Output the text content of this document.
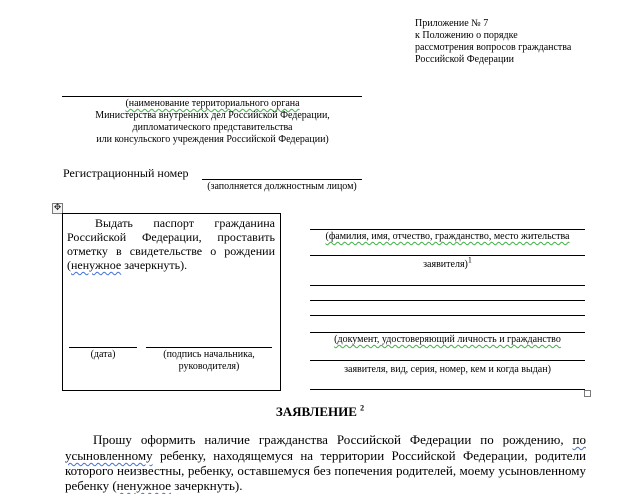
Приложение № 7
к Положению о порядке
рассмотрения вопросов гражданства
Российской Федерации
(наименование территориального органа
Министерства внутренних дел Российской Федерации,
дипломатического представительства
или консульского учреждения Российской Федерации)
Регистрационный номер
(заполняется должностным лицом)
✥
Выдать паспорт гражданина
Российской Федерации, проставить
отметку в свидетельстве о рождении
(ненужное зачеркнуть).
(дата)	(подпись начальника,
руководителя)
(фамилия, имя, отчество, гражданство, место жительства
заявителя)$^1$
(документ, удостоверяющий личность и гражданство
заявителя, вид, серия, номер, кем и когда выдан)
ЗАЯВЛЕНИЕ $^2$
Прошу оформить наличие гражданства Российской Федерации по рождению, по
усыновленному ребенку, находящемуся на территории Российской Федерации, родители
которого неизвестны, ребенку, оставшемуся без попечения родителей, моему усыновленному
ребенку (ненужное зачеркнуть).
